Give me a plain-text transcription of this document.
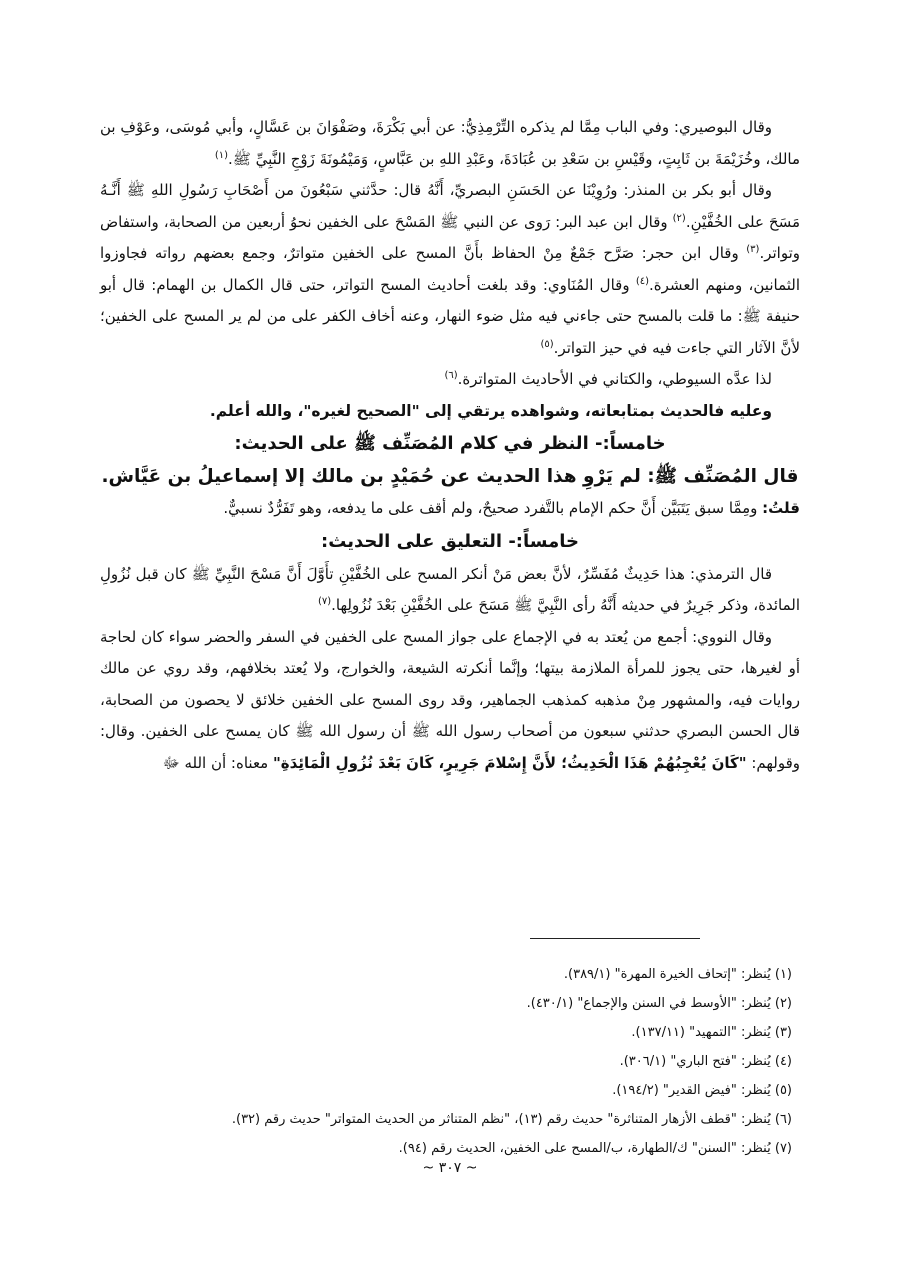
وقال البوصيري: وفي الباب مِمَّا لم يذكره التِّرْمِذِيُّ: عن أبي بَكْرَةَ، وصَفْوَانَ بن عَسَّالٍ، وأبي مُوسَى، وعَوْفِ بن مالك، وخُزَيْمَةَ بن ثَابِتٍ، وقَيْسِ بن سَعْدِ بن عُبَادَةَ، وعَبْدِ اللهِ بن عَبَّاسٍ، وَمَيْمُونَةَ زَوْجِ النَّبِيِّ ﷺ.$^{(١)}$

وقال أبو بكر بن المنذر: ورُوِيْنَا عن الحَسَنِ البصريِّ، أَنَّهُ قال: حدَّثني سَبْعُونَ من أَصْحَابِ رَسُولِ اللهِ ﷺ أَنَّـهُ مَسَحَ على الخُفَّيْنِ.$^{(٢)}$ وقال ابن عبد البر: رَوى عن النبي ﷺ المَسْحَ على الخفين نحوُ أربعين من الصحابة، واستفاض وتواتر.$^{(٣)}$ وقال ابن حجر: صَرَّح جَمْعٌ مِنْ الحفاظ بأَنَّ المسح على الخفين متواترٌ، وجمع بعضهم رواته فجاوزوا الثمانين، ومنهم العشرة.$^{(٤)}$ وقال المُنَاوي: وقد بلغت أحاديث المسح التواتر، حتى قال الكمال بن الهمام: قال أبو حنيفة ﷺ: ما قلت بالمسح حتى جاءني فيه مثل ضوء النهار، وعنه أخاف الكفر على من لم ير المسح على الخفين؛ لأنَّ الآثار التي جاءت فيه في حيز التواتر.$^{(٥)}$

لذا عدَّه السيوطي، والكتاني في الأحاديث المتواترة.$^{(٦)}$

وعليه فالحديث بمتابعاته، وشواهده يرتقي إلى "الصحيح لغيره"، والله أعلم.

خامساً:- النظر في كلام المُصَنِّف ﷺ على الحديث:

قال المُصَنِّف ﷺ: لم يَرْوِ هذا الحديث عن حُمَيْدٍ بن مالك إلا إسماعيلُ بن عَيَّاش.

قلتُ: ومِمَّا سبق يَتَبَيَّن أَنَّ حكم الإمام بالتَّفرد صحيحٌ، ولم أقف على ما يدفعه، وهو تَفَرُّدٌ نسبيٌّ.

خامساً:- التعليق على الحديث:

قال الترمذي: هذا حَدِيثٌ مُفَسِّرٌ، لأنَّ بعض مَنْ أنكر المسح على الخُفَّيْنِ تأَوَّلَ أَنَّ مَسْحَ النَّبِيِّ ﷺ كان قبل نُزُولِ المائدة، وذكر جَرِيرٌ في حديثه أَنَّهُ رأى النَّبِيَّ ﷺ مَسَحَ على الخُفَّيْنِ بَعْدَ نُزُولِها.$^{(٧)}$

وقال النووي: أجمع من يُعتد به في الإجماع على جواز المسح على الخفين في السفر والحضر سواء كان لحاجة أو لغيرها، حتى يجوز للمرأة الملازمة بيتها؛ وإنَّما أنكرته الشيعة، والخوارج، ولا يُعتد بخلافهم، وقد روي عن مالك روايات فيه، والمشهور مِنْ مذهبه كمذهب الجماهير، وقد روى المسح على الخفين خلائق لا يحصون من الصحابة، قال الحسن البصري حدثني سبعون من أصحاب رسول الله ﷺ أن رسول الله ﷺ كان يمسح على الخفين. وقال: وقولهم: "كَانَ يُعْجِبُهُمْ هَذَا الْحَدِيثُ؛ لأَنَّ إِسْلامَ جَرِيرٍ، كَانَ بَعْدَ نُزُولِ الْمَائِدَةِ" معناه: أن الله ﷻ

(١) يُنظر: "إتحاف الخيرة المهرة" (٣٨٩/١).

(٢) يُنظر: "الأوسط في السنن والإجماع" (٤٣٠/١).

(٣) يُنظر: "التمهيد" (١٣٧/١١).

(٤) يُنظر: "فتح الباري" (٣٠٦/١).

(٥) يُنظر: "فيض القدير" (١٩٤/٢).

(٦) يُنظر: "قطف الأزهار المتناثرة" حديث رقم (١٣)، "نظم المتناثر من الحديث المتواتر" حديث رقم (٣٢).

(٧) يُنظر: "السنن" ك/الطهارة، ب/المسح على الخفين، الحديث رقم (٩٤).

~ ٣٠٧ ~
